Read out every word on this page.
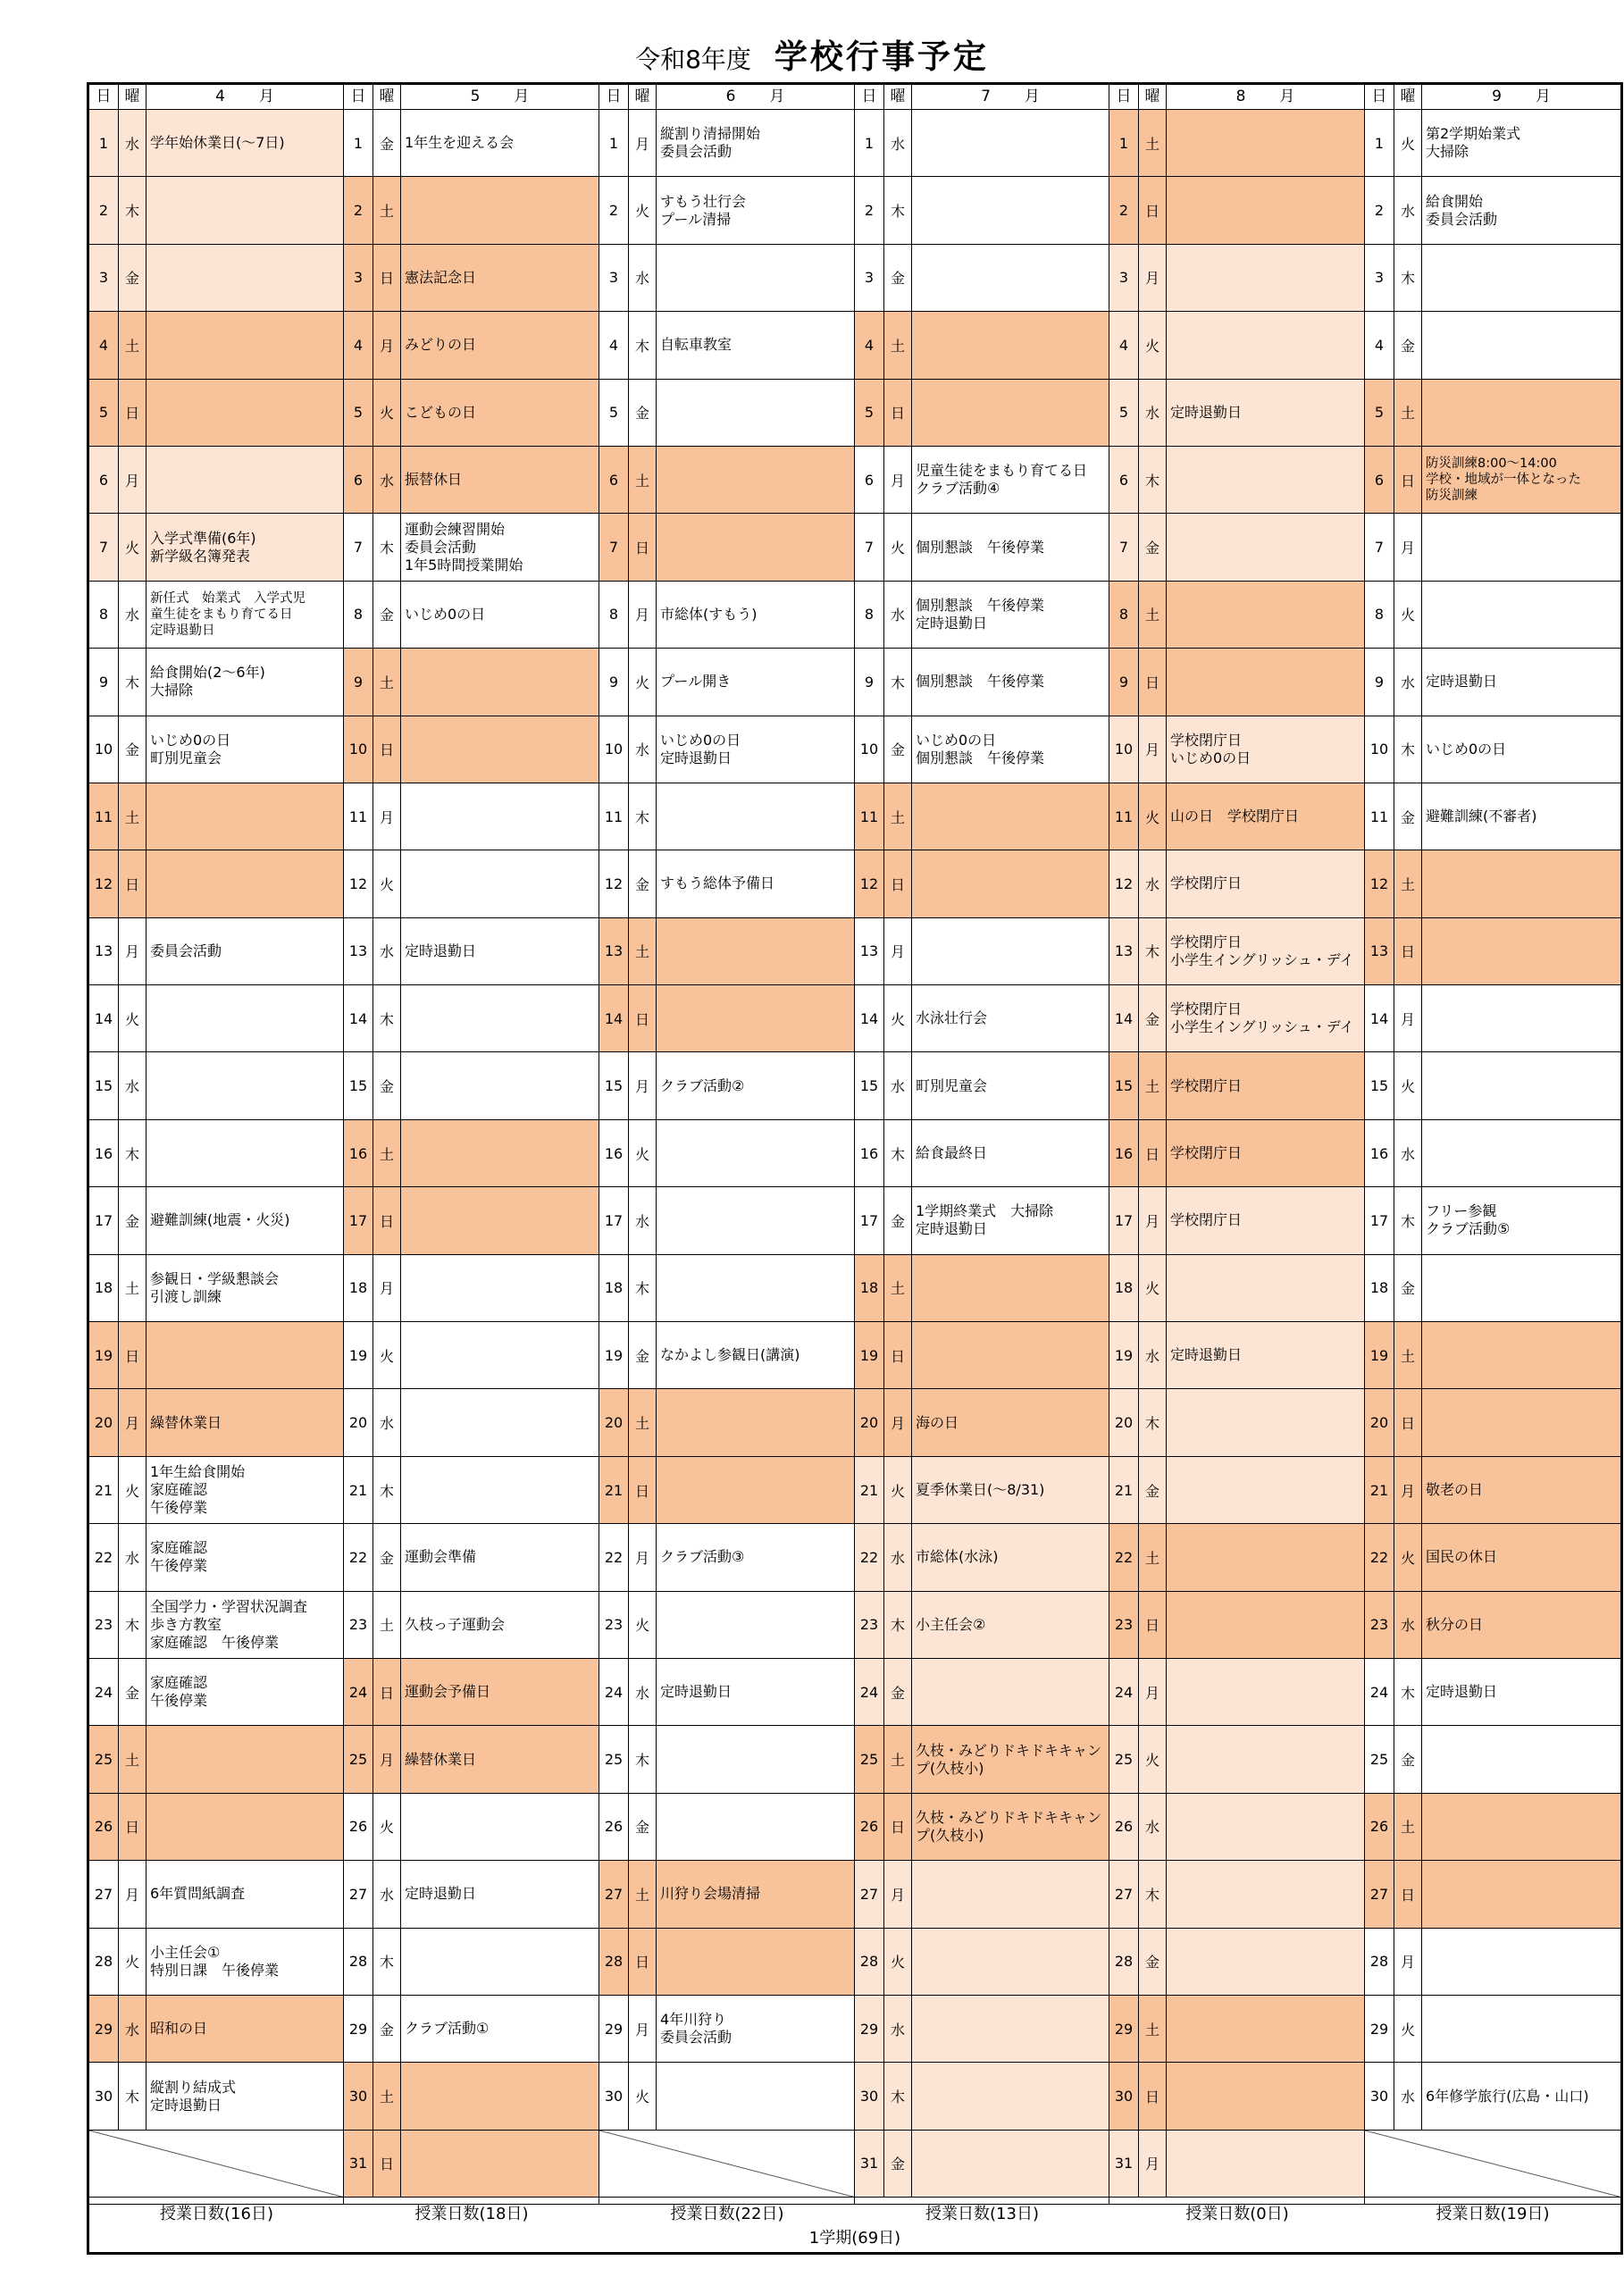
令和8年度 学校行事予定
日 曜	4月
1	水 学年始休業日(～7日)
2	木
3	金
4	土
5	日
6	月
7	火
入学式準備(6年)
新学級名簿発表
8	水
新任式　始業式　入学式児
童生徒をまもり育てる日
定時退勤日
9	木
給食開始(2～6年)
大掃除
10 金
いじめ0の日
町別児童会
11 土
12 日
13 月 委員会活動
14 火
15 水
16 木
17 金 避難訓練(地震・火災)
18 土
参観日・学級懇談会
引渡し訓練
19 日
20 月 繰替休業日
21 火
1年生給食開始
家庭確認
午後停業
22 水
家庭確認
午後停業
23 木
全国学力・学習状況調査
歩き方教室
家庭確認　午後停業
24 金
家庭確認
午後停業
25 土
26 日
27 月 6年質問紙調査
28 火
小主任会①
特別日課　午後停業
29 水 昭和の日
30 木
縦割り結成式
定時退勤日
日 曜	5月
1	金 1年生を迎える会
2	土
3	日 憲法記念日
4	月 みどりの日
5	火 こどもの日
6	水 振替休日
7	木
運動会練習開始
委員会活動
1年5時間授業開始
8	金 いじめ0の日
9	土
10 日
11 月
12 火
13 水 定時退勤日
14 木
15 金
16 土
17 日
18 月
19 火
20 水
21 木
22 金 運動会準備
23 土 久枝っ子運動会
24 日 運動会予備日
25 月 繰替休業日
26 火
27 水 定時退勤日
28 木
29 金 クラブ活動①
30 土
31 日
日 曜	6月
1	月
縦割り清掃開始
委員会活動
2	火
すもう壮行会
プール清掃
3	水
4	木 自転車教室
5	金
6	土
7	日
8	月 市総体(すもう)
9	火 プール開き
10 水
いじめ0の日
定時退勤日
11 木
12 金 すもう総体予備日
13 土
14 日
15 月 クラブ活動②
16 火
17 水
18 木
19 金 なかよし参観日(講演)
20 土
21 日
22 月 クラブ活動③
23 火
24 水 定時退勤日
25 木
26 金
27 土 川狩り会場清掃
28 日
29 月
4年川狩り
委員会活動
30 火
日 曜	7月
1	水
2	木
3	金
4	土
5	日
6	月
児童生徒をまもり育てる日
クラブ活動④
7	火 個別懇談　午後停業
8	水
個別懇談　午後停業
定時退勤日
9	木 個別懇談　午後停業
10 金
いじめ0の日
個別懇談　午後停業
11 土
12 日
13 月
14 火 水泳壮行会
15 水 町別児童会
16 木 給食最終日
17 金
1学期終業式　大掃除
定時退勤日
18 土
19 日
20 月 海の日
21 火 夏季休業日(～8/31)
22 水 市総体(水泳)
23 木 小主任会②
24 金
25 土
久枝・みどりドキドキキャン
プ(久枝小)
26 日
久枝・みどりドキドキキャン
プ(久枝小)
27 月
28 火
29 水
30 木
31 金
日 曜	8月
1	土
2	日
3	月
4	火
5	水 定時退勤日
6	木
7	金
8	土
9	日
10 月
学校閉庁日
いじめ0の日
11 火 山の日　学校閉庁日
12 水 学校閉庁日
13 木
学校閉庁日
小学生イングリッシュ・デイ
14 金
学校閉庁日
小学生イングリッシュ・デイ
15 土 学校閉庁日
16 日 学校閉庁日
17 月 学校閉庁日
18 火
19 水 定時退勤日
20 木
21 金
22 土
23 日
24 月
25 火
26 水
27 木
28 金
29 土
30 日
31 月
日 曜	9月
1	火
第2学期始業式
大掃除
2	水
給食開始
委員会活動
3	木
4	金
5	土
6	日
防災訓練8:00～14:00
学校・地域が一体となった
防災訓練
7	月
8	火
9	水 定時退勤日
10 木 いじめ0の日
11 金 避難訓練(不審者)
12 土
13 日
14 月
15 火
16 水
17 木
フリー参観
クラブ活動⑤
18 金
19 土
20 日
21 月 敬老の日
22 火 国民の休日
23 水 秋分の日
24 木 定時退勤日
25 金
26 土
27 日
28 月
29 火
30 水 6年修学旅行(広島・山口)
授業日数(16日)	授業日数(18日)	授業日数(22日)	授業日数(13日)	授業日数(0日)	授業日数(19日)
1学期(69日)
